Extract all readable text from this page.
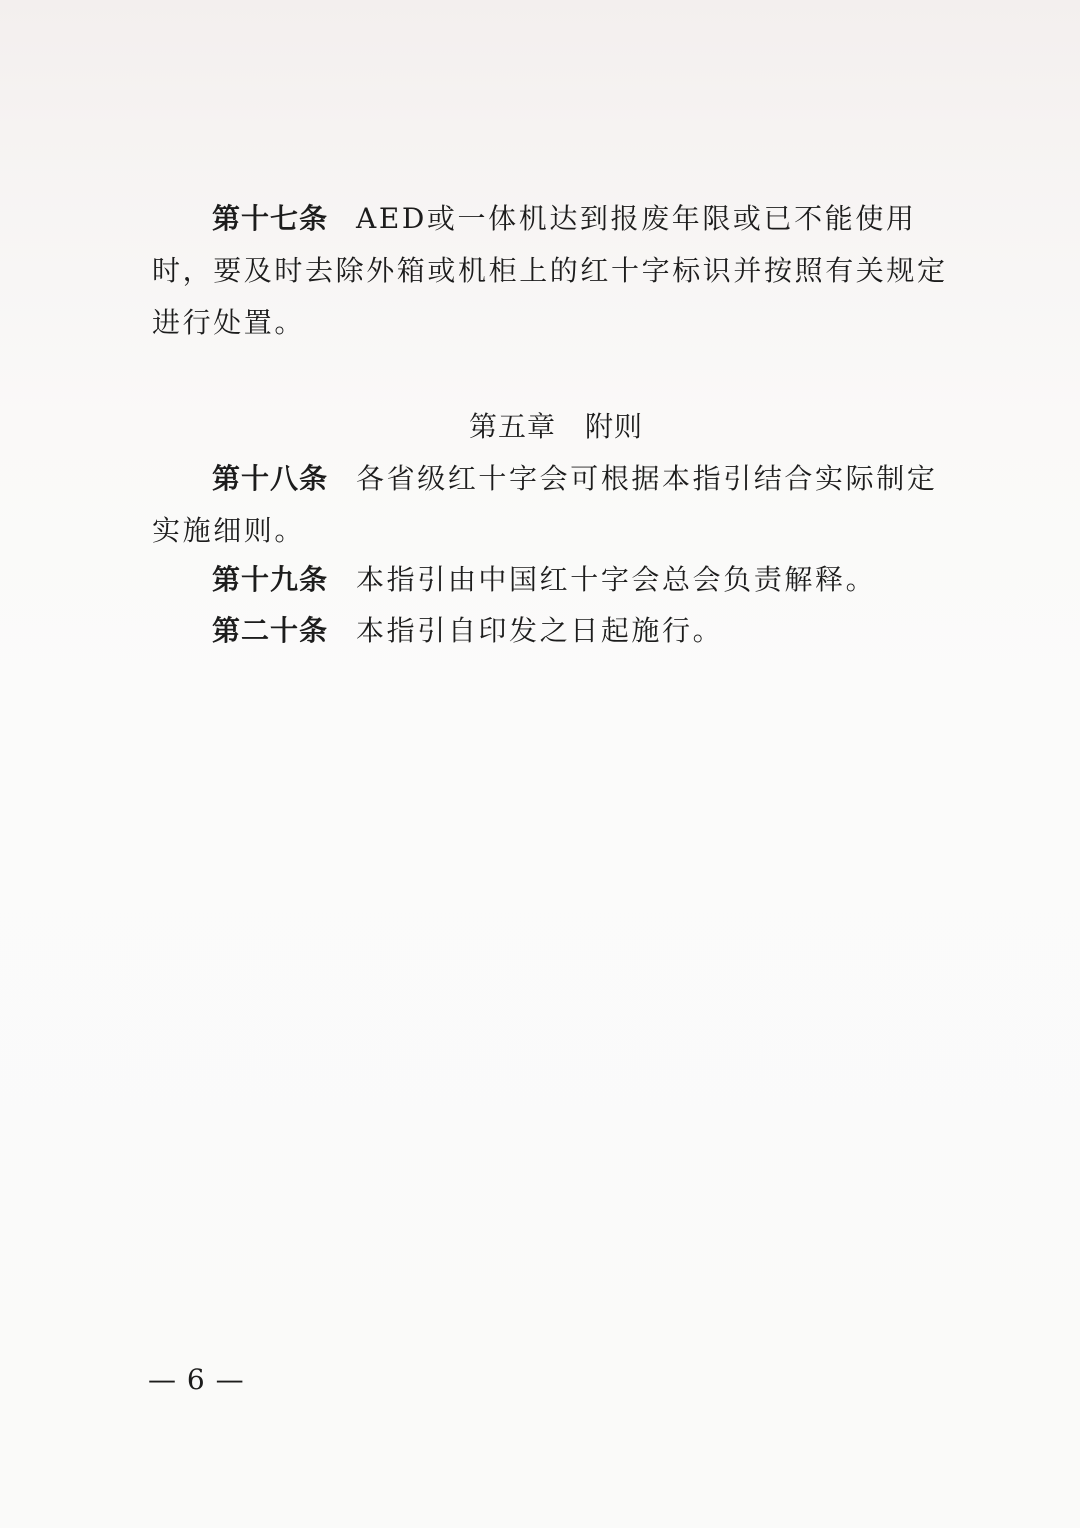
第十七条 AED或一体机达到报废年限或已不能使用时，要及时去除外箱或机柜上的红十字标识并按照有关规定进行处置。
第五章　附则
第十八条 各省级红十字会可根据本指引结合实际制定实施细则。
第十九条 本指引由中国红十字会总会负责解释。
第二十条 本指引自印发之日起施行。
— 6 —
